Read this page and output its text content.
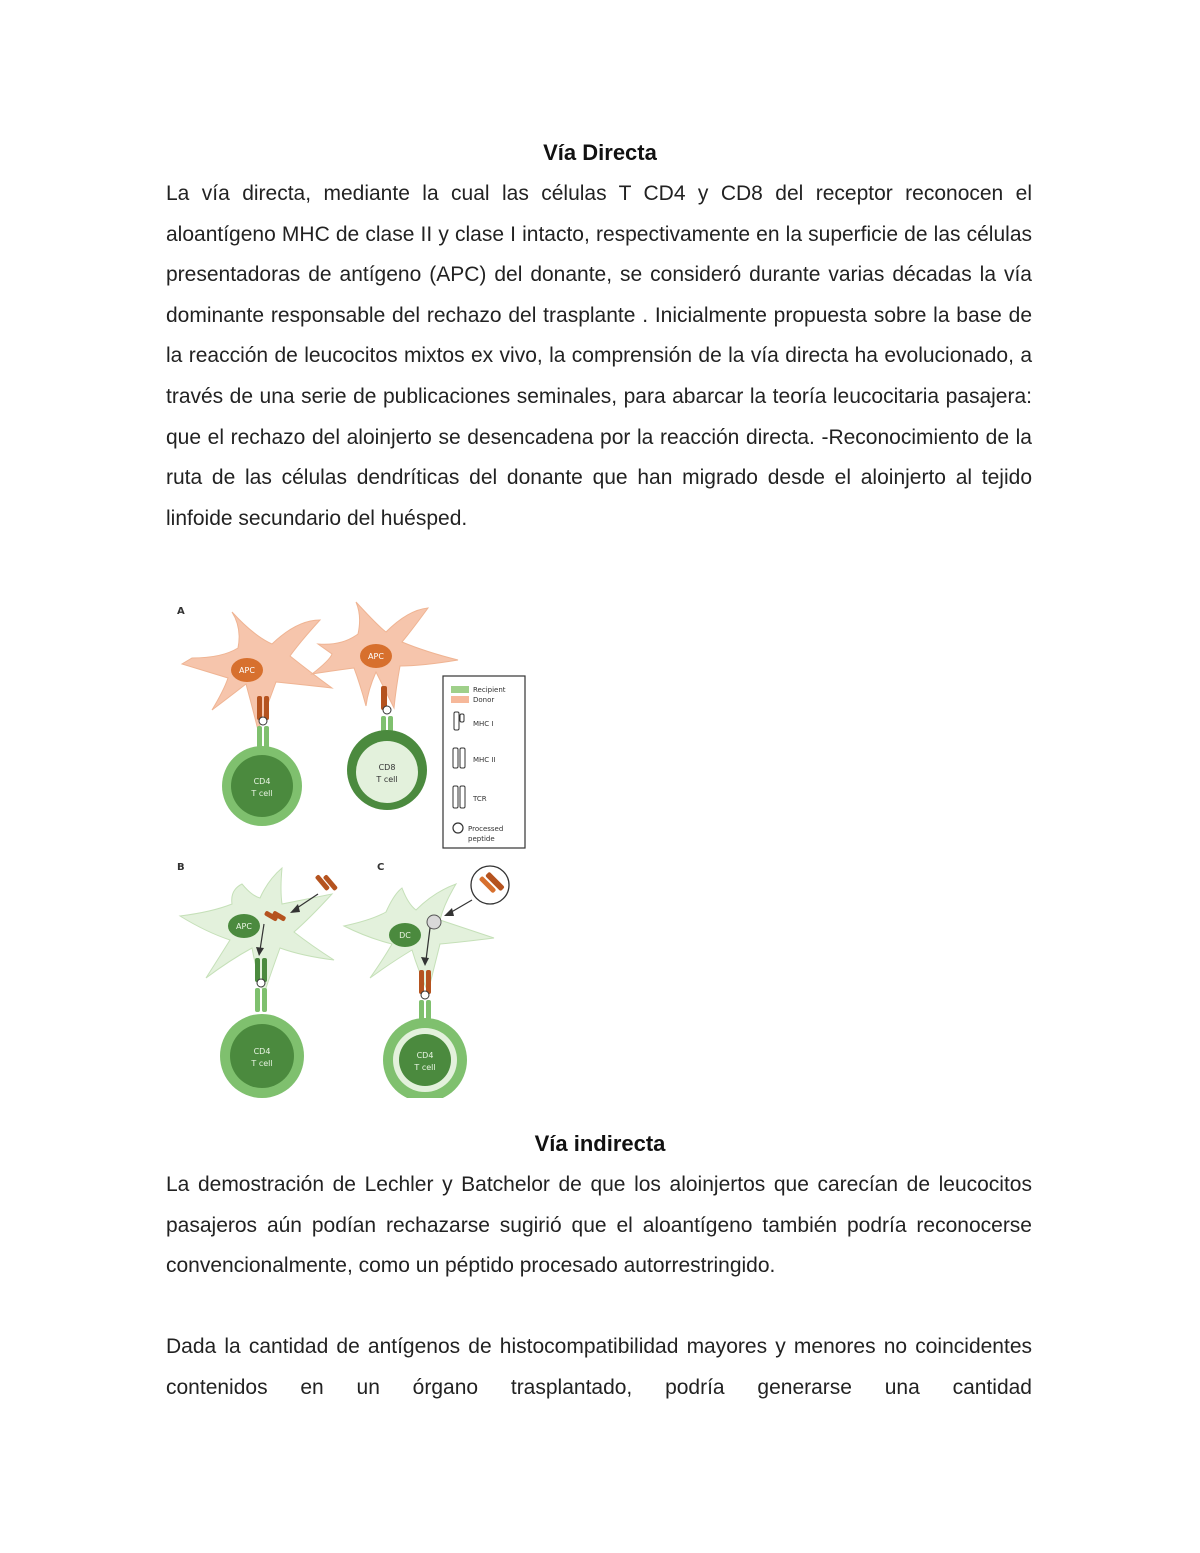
Vía Directa

La vía directa, mediante la cual las células T CD4 y CD8 del receptor reconocen el aloantígeno MHC de clase II y clase I intacto, respectivamente en la superficie de las células presentadoras de antígeno (APC) del donante, se consideró durante varias décadas la vía dominante responsable del rechazo del trasplante . Inicialmente propuesta sobre la base de la reacción de leucocitos mixtos ex vivo, la comprensión de la vía directa ha evolucionado, a través de una serie de publicaciones seminales, para abarcar la teoría leucocitaria pasajera: que el rechazo del aloinjerto se desencadena por la reacción directa. -Reconocimiento de la ruta de las células dendríticas del donante que han migrado desde el aloinjerto al tejido linfoide secundario del huésped.

A
APC
CD4
T cell
APC
CD8
T cell
Recipient
Donor
MHC I
MHC II
TCR
Processed
peptide
B
APC
CD4
T cell
C
DC
CD4
T cell
Vía indirecta

La demostración de Lechler y Batchelor de que los aloinjertos que carecían de leucocitos pasajeros aún podían rechazarse sugirió que el aloantígeno también podría reconocerse convencionalmente, como un péptido procesado autorrestringido.

Dada la cantidad de antígenos de histocompatibilidad mayores y menores no coincidentes contenidos en un órgano trasplantado, podría generarse una cantidad
